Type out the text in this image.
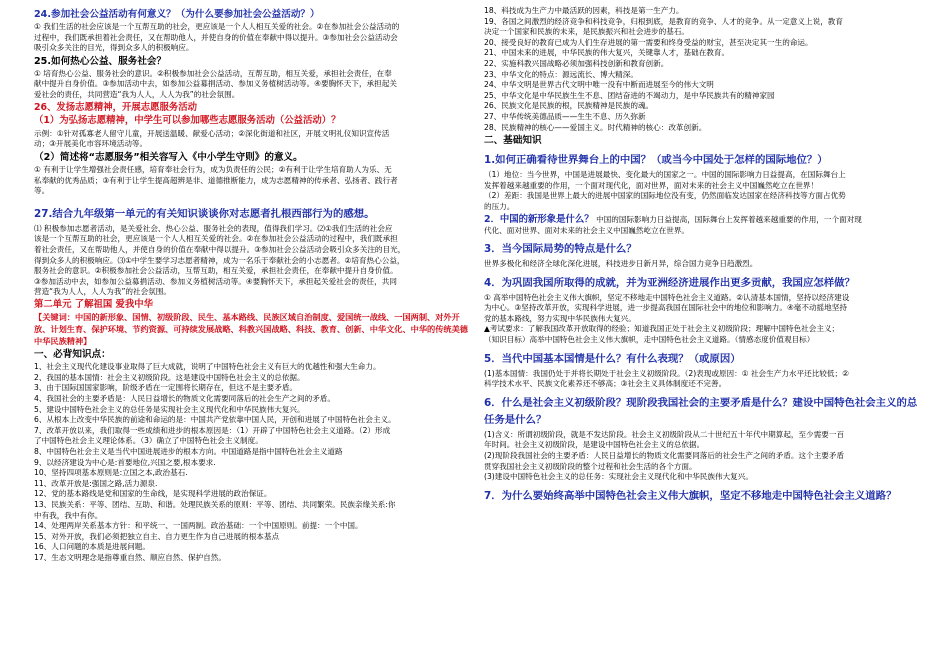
24.参加社会公益活动有何意义？（为什么要参加社会公益活动？）
① 我们生活的社会应该是一个互帮互助的社会，更应该是一个人人相互关爱的社会。②在参加社会公益活动的
过程中，我们既承担着社会责任，又在帮助他人，并使自身的价值在奉献中得以提升。③参加社会公益活动会
吸引众多关注的目光，得到众多人的积极响应。
25.如何热心公益、服务社会？
① 培育热心公益、服务社会的意识。②积极参加社会公益活动，互帮互助，相互关爱，承担社会责任，在奉
献中提升自身价值。③参加活动中去，如参加公益募捐活动、参加义务植树活动等。④要胸怀天下，承担起关
爱社会的责任，共同营造“我为人人，人人为我”的社会氛围。
26、发扬志愿精神，开展志愿服务活动
（1）为弘扬志愿精神，中学生可以参加哪些志愿服务活动（公益活动）？
示例：①针对孤寡老人留守儿童，开展送温暖、献爱心活动；②深化街道和社区，开展文明礼仪知识宣传活
动；③开展美化市容环境活动等。
（2）简述将“志愿服务”相关容写入《中小学生守则》的意义。
① 有利于让学生增强社会责任感，培育奉社会行为，成为负责任的公民；②有利于让学生培育助人为乐、无
私奉献的优秀品质；③有利于让学生提高超辨是非、道德推断能力，成为志愿精神的传承者、弘扬者、践行者
等。
27.结合九年级第一单元的有关知识谈谈你对志愿者扎根西部行为的感想。
⑴ 积极参加志愿者活动，是关爱社会、热心公益、服务社会的表现，值得我们学习。⑵①我们生活的社会应
该是一个互帮互助的社会，更应该是一个人人相互关爱的社会。②在参加社会公益活动的过程中，我们既承担
着社会责任，又在帮助他人，并使自身的价值在奉献中得以提升。③参加社会公益活动会吸引众多关注的目光，
得到众多人的积极响应。⑶①中学生要学习志愿者精神，成为一名乐于奉献社会的小志愿者。②培育热心公益，
服务社会的意识。②积极参加社会公益活动，互帮互助，相互关爱，承担社会责任，在奉献中提升自身价值。
③参加活动中去，如参加公益募捐活动、参加义务植树活动等。④要胸怀天下，承担起关爱社会的责任，共同
营造“我为人人，人人为我”的社会氛围。
第二单元 了解祖国 爱我中华
【关键词：中国的新形象、国情、初级阶段、民生、基本路线、民族区域自治制度、爱国统一战线、一国两制、对外开放、计划生育、保护环境、节约资源、可持续发展战略、科教兴国战略、科技、教育、创新、中华文化、中华的传统美德中华民族精神】
一、必背知识点：
1、社会主义现代化建设事业取得了巨大成就，说明了中国特色社会主义有巨大的优越性和强大生命力。
2、我国的基本国情：社会主义初级阶段。这是建设中国特色社会主义的总依据。
3、由于国际国国家影响，阶级矛盾在一定围将长期存在，但这不是主要矛盾。
4、我国社会的主要矛盾是：人民日益增长的物质文化需要同落后的社会生产之间的矛盾。
5、建设中国特色社会主义的总任务是实现社会主义现代化和中华民族伟大复兴。
6、从根本上改变中华民族的前途和命运的是：中国共产党依靠中国人民，开创和进展了中国特色社会主义。
7、改革开放以来，我们取得一些成绩和进步的根本原因是：（1）开辟了中国特色社会主义道路。（2）形成
了中国特色社会主义理论体系。（3）确立了中国特色社会主义制度。
8、中国特色社会主义是当代中国进展进步的根本方向。中国道路是指中国特色社会主义道路
9、以经济建设为中心是:首要地位,兴国之要,根本要求.
10、坚持四项基本原则是:立国之本,政治基石.
11、改革开放是:强国之路,活力源泉.
12、党的基本路线是党和国家的生命线，是实现科学进展的政治保证。
13、民族关系：平等、团结、互助、和谐。处理民族关系的原则：平等、团结、共同繁荣。民族亲缘关系:你
中有我，我中有你。
14、处理两岸关系基本方针：和平统一、一国两制。政治基础：一个中国原则。前提：一个中国。
15、对外开放，我们必须把独立自主、自力更生作为自己进展的根本基点
16、人口问题的本质是进展问题。
17、生态文明理念是指尊重自然、顺应自然、保护自然。
18、科技成为生产力中最活跃的因素，科技是第一生产力。
19、各国之间激烈的经济竞争和科技竞争，归根到底，是教育的竞争、人才的竞争。从一定意义上说，教育
决定一个国家和民族的未来，是民族振兴和社会进步的基石。
20、接受良好的教育已成为人们生存进展的第一需要和终身受益的财宝，甚至决定其一生的命运。
21、中国未来的进展，中华民族的伟大复兴，关键靠人才，基础在教育。
22、实施科教兴国战略必须加强科技创新和教育创新。
23、中华文化的特点：源远流长、博大精深。
24、中华文明是世界古代文明中唯一没有中断而进展至今的伟大文明
25、中华文化是中华民族生生不息、团结奋进的不竭动力，是中华民族共有的精神家园
26、民族文化是民族的根，民族精神是民族的魂。
27、中华传统美德品质——生生不息、历久弥新
28、民族精神的核心——爱国主义。时代精神的核心：改革创新。
二、基础知识
1.如何正确看待世界舞台上的中国？（或当今中国处于怎样的国际地位？）
（1）地位：当今世界，中国是进展最快、变化最大的国家之一。中国的国际影响力日益提高，在国际舞台上
发挥着越来越重要的作用，一个面对现代化，面对世界，面对未来的社会主义中国巍然屹立在世界！
（2）差距：我国是世界上最大的进展中国家的国际地位没有变，仍然面临发达国家在经济科技等方面占优势
的压力。
2．中国的新形象是什么？ 中国的国际影响力日益提高，国际舞台上发挥着越来越重要的作用，一个面对现
代化、面对世界、面对未来的社会主义中国巍然屹立在世界。
3．当今国际局势的特点是什么？
世界多极化和经济全球化深化进展，科技进步日新月异，综合国力竞争日趋激烈。
4．为巩固我国所取得的成就，并为亚洲经济进展作出更多贡献，我国应怎样做？
① 高举中国特色社会主义伟大旗帜，坚定不移地走中国特色社会主义道路。②认清基本国情，坚持以经济建设
为中心。③坚持改革开放，实现科学进展，进一步提高我国在国际社会中的地位和影响力。④毫不动摇地坚持
党的基本路线，努力实现中华民族伟大复兴。
▲考试要求：了解我国改革开放取得的经验；知道我国正处于社会主义初级阶段；理解中国特色社会主义；
（知识目标）高举中国特色社会主义伟大旗帜，走中国特色社会主义道路。（情感态度价值观目标）
5．当代中国基本国情是什么？有什么表现？（或原因）
(1)基本国情：我国仍处于并将长期处于社会主义初级阶段。（2)表现或原因：① 社会生产力水平还比较低；②
科学技术水平、民族文化素养还不够高；③社会主义具体制度还不完善。
6．什么是社会主义初级阶段？现阶段我国社会的主要矛盾是什么？建设中国特色社会主义的总
任务是什么？
(1)含义：所谓初级阶段，就是不发达阶段。社会主义初级阶段从二十世纪五十年代中期算起，至少需要一百
年时间。社会主义初级阶段，是建设中国特色社会主义的总依据。
(2)现阶段我国社会的主要矛盾：人民日益增长的物质文化需要同落后的社会生产之间的矛盾。这个主要矛盾
贯穿我国社会主义初级阶段的整个过程和社会生活的各个方面。
(3)建设中国特色社会主义的总任务：实现社会主义现代化和中华民族伟大复兴。
7．为什么要始终高举中国特色社会主义伟大旗帜，坚定不移地走中国特色社会主义道路？
